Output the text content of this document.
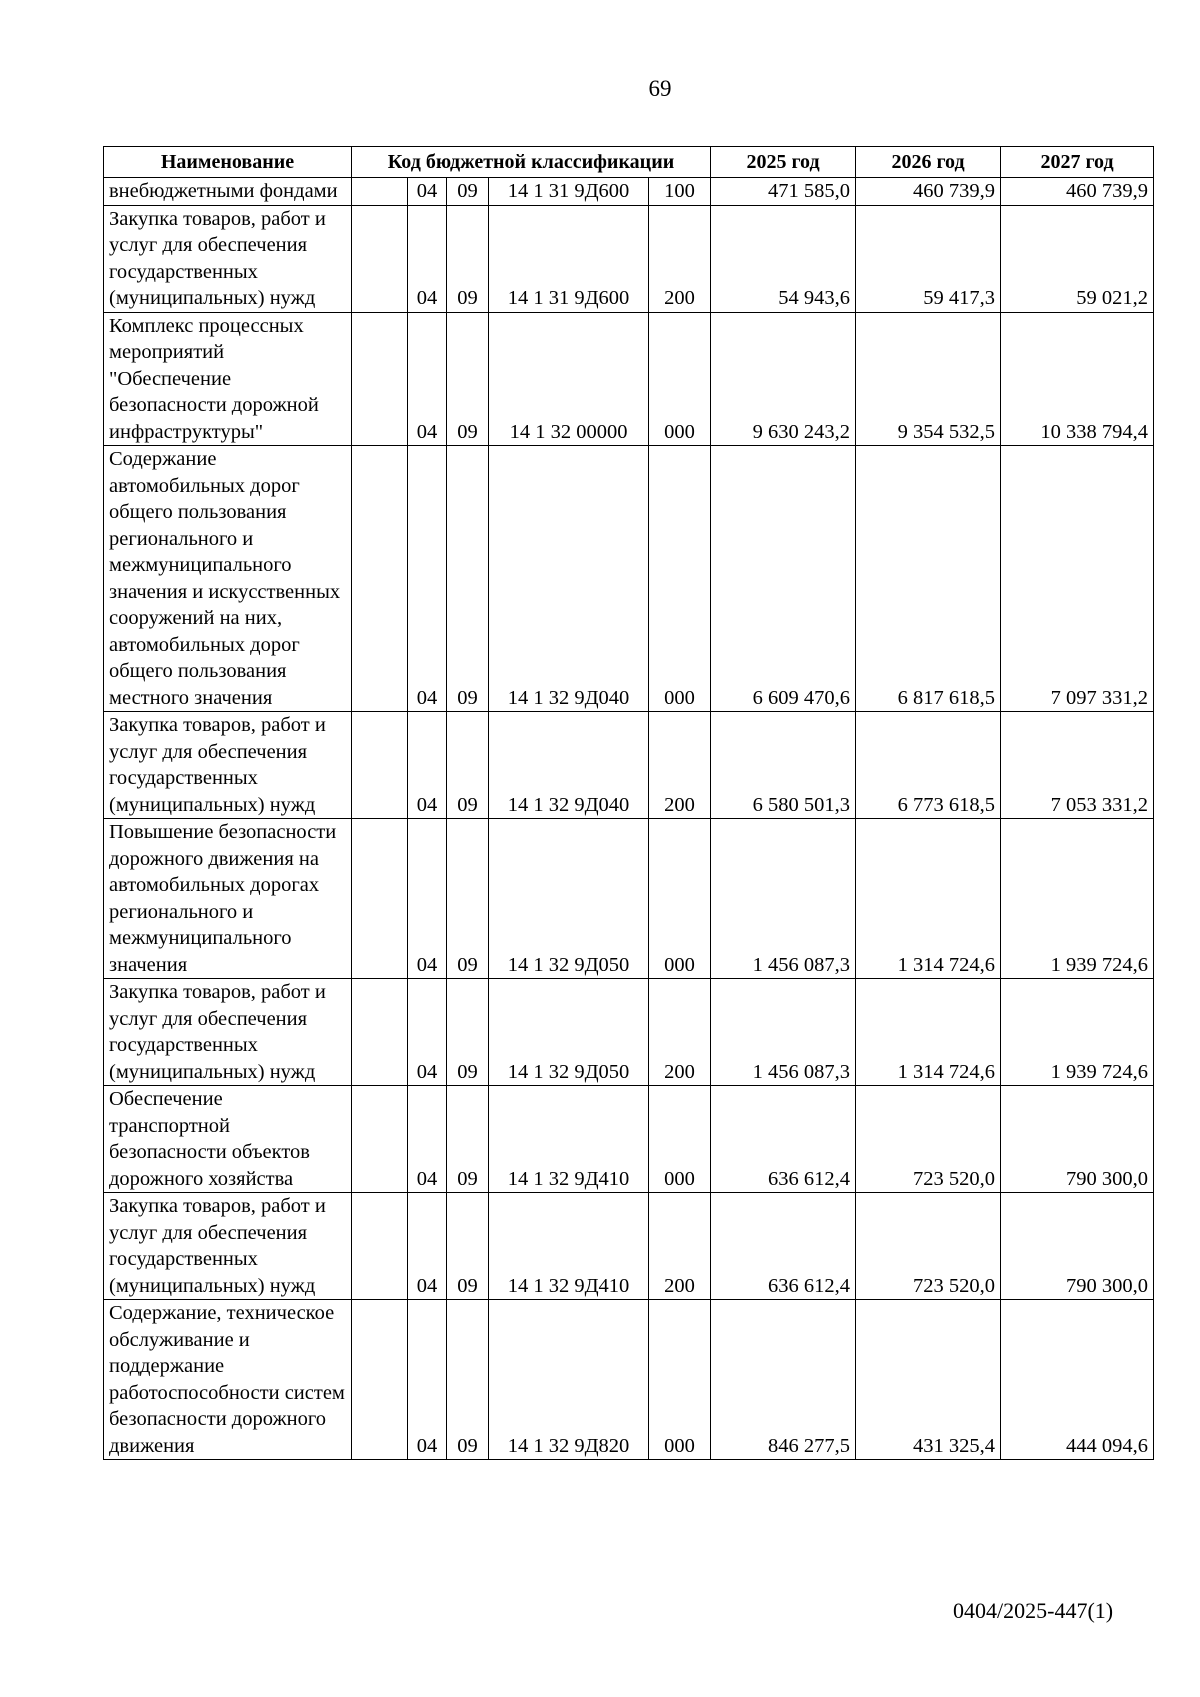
69
Наименование	Код бюджетной классификации					2025 год	2026 год	2027 год
внебюджетными фондами		04	09	14 1 31 9Д600	100	471 585,0	460 739,9	460 739,9
Закупка товаров, работ и услуг для обеспечения государственных (муниципальных) нужд		04	09	14 1 31 9Д600	200	54 943,6	59 417,3	59 021,2
Комплекс процессных мероприятий "Обеспечение безопасности дорожной инфраструктуры"		04	09	14 1 32 00000	000	9 630 243,2	9 354 532,5	10 338 794,4
Содержание автомобильных дорог общего пользования регионального и межмуниципального значения и искусственных сооружений на них, автомобильных дорог общего пользования местного значения		04	09	14 1 32 9Д040	000	6 609 470,6	6 817 618,5	7 097 331,2
Закупка товаров, работ и услуг для обеспечения государственных (муниципальных) нужд		04	09	14 1 32 9Д040	200	6 580 501,3	6 773 618,5	7 053 331,2
Повышение безопасности дорожного движения на автомобильных дорогах регионального и межмуниципального значения		04	09	14 1 32 9Д050	000	1 456 087,3	1 314 724,6	1 939 724,6
Закупка товаров, работ и услуг для обеспечения государственных (муниципальных) нужд		04	09	14 1 32 9Д050	200	1 456 087,3	1 314 724,6	1 939 724,6
Обеспечение транспортной безопасности объектов дорожного хозяйства		04	09	14 1 32 9Д410	000	636 612,4	723 520,0	790 300,0
Закупка товаров, работ и услуг для обеспечения государственных (муниципальных) нужд		04	09	14 1 32 9Д410	200	636 612,4	723 520,0	790 300,0
Содержание, техническое обслуживание и поддержание работоспособности систем безопасности дорожного движения		04	09	14 1 32 9Д820	000	846 277,5	431 325,4	444 094,6
0404/2025-447(1)
